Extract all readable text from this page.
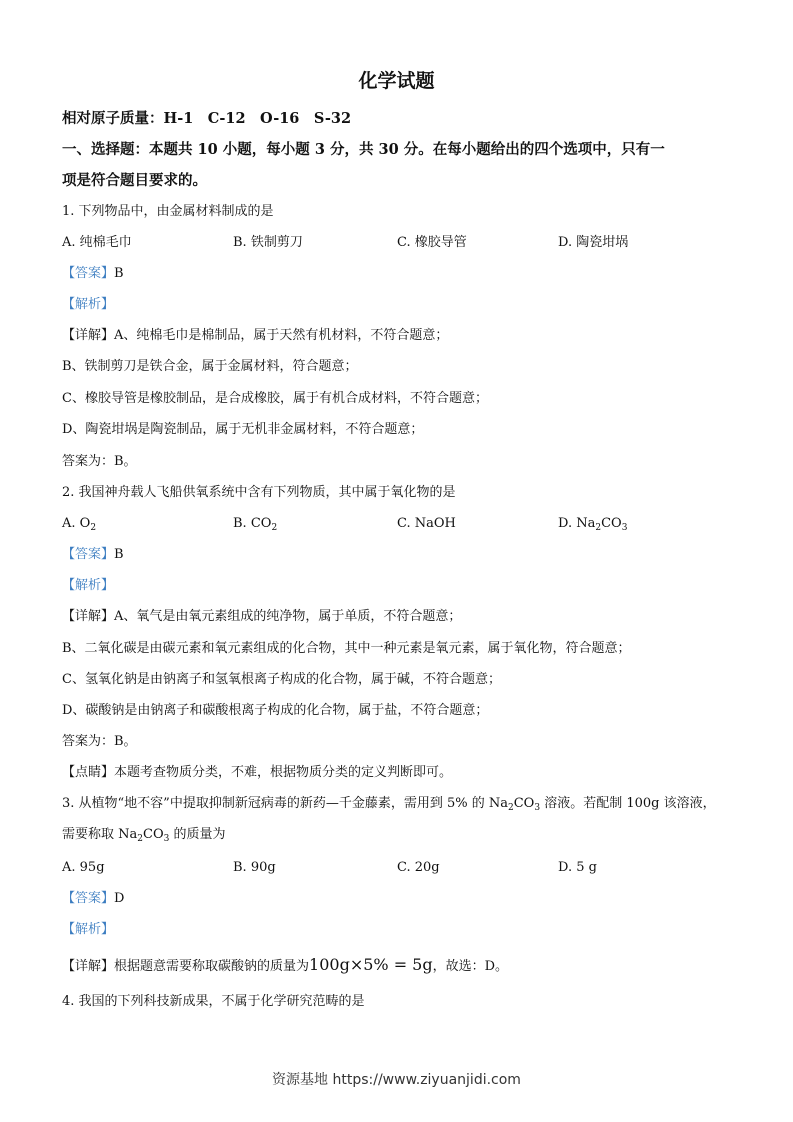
化学试题
相对原子质量：H-1　C-12　O-16　S-32
一、选择题：本题共 10 小题，每小题 3 分，共 30 分。在每小题给出的四个选项中，只有一
项是符合题目要求的。
1. 下列物品中，由金属材料制成的是
A. 纯棉毛巾	B. 铁制剪刀	C. 橡胶导管	D. 陶瓷坩埚
【答案】B
【解析】
【详解】A、纯棉毛巾是棉制品，属于天然有机材料，不符合题意；
B、铁制剪刀是铁合金，属于金属材料，符合题意；
C、橡胶导管是橡胶制品，是合成橡胶，属于有机合成材料，不符合题意；
D、陶瓷坩埚是陶瓷制品，属于无机非金属材料，不符合题意；
答案为：B。
2. 我国神舟载人飞船供氧系统中含有下列物质，其中属于氧化物的是
A. $O_2$	B. $CO_2$	C. NaOH	D. $Na_2CO_3$
【答案】B
【解析】
【详解】A、氧气是由氧元素组成的纯净物，属于单质，不符合题意；
B、二氧化碳是由碳元素和氧元素组成的化合物，其中一种元素是氧元素，属于氧化物，符合题意；
C、氢氧化钠是由钠离子和氢氧根离子构成的化合物，属于碱，不符合题意；
D、碳酸钠是由钠离子和碳酸根离子构成的化合物，属于盐，不符合题意；
答案为：B。
【点睛】本题考查物质分类，不难，根据物质分类的定义判断即可。
3. 从植物“地不容”中提取抑制新冠病毒的新药—千金藤素，需用到 5% 的 $Na_2CO_3$ 溶液。若配制 100g 该溶液，
需要称取 $Na_2CO_3$ 的质量为
A. 95g	B. 90g	C. 20g	D. 5 g
【答案】D
【解析】
【详解】根据题意需要称取碳酸钠的质量为100g×5% = 5g，故选：D。
4. 我国的下列科技新成果，不属于化学研究范畴的是
资源基地 https://www.ziyuanjidi.com
